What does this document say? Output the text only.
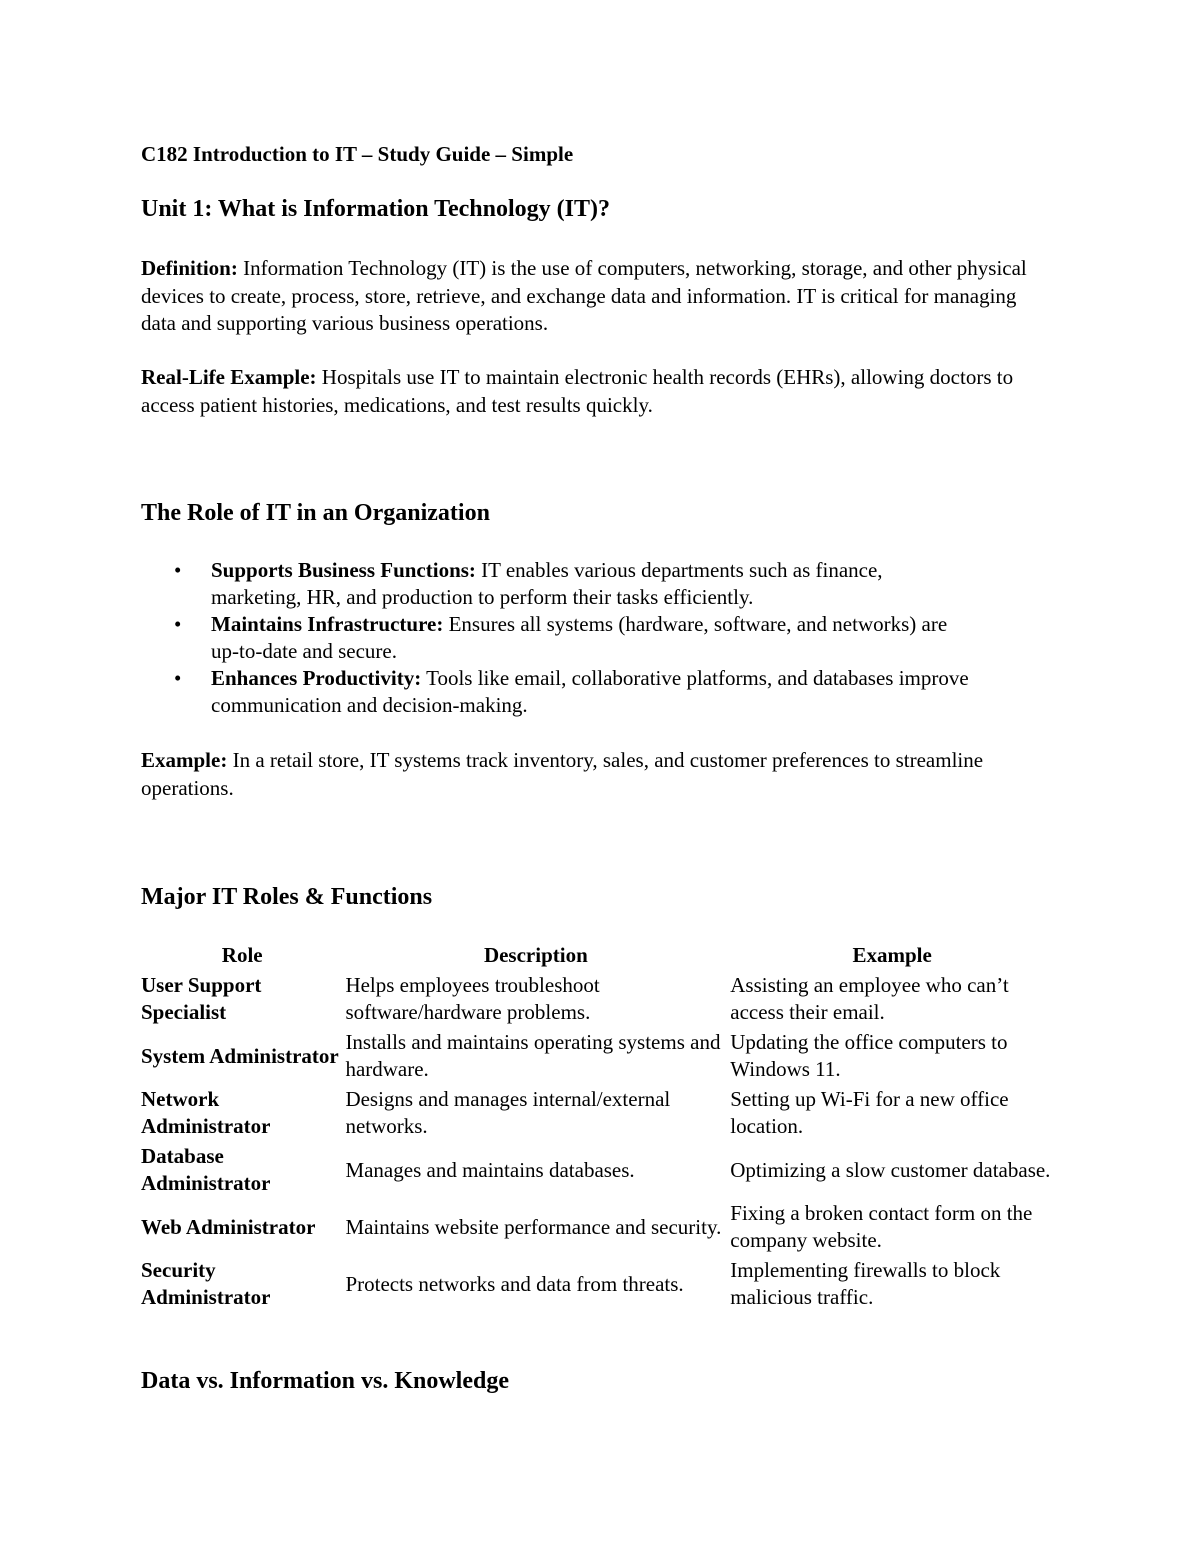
C182 Introduction to IT – Study Guide – Simple

Unit 1: What is Information Technology (IT)?

Definition: Information Technology (IT) is the use of computers, networking, storage, and other physical devices to create, process, store, retrieve, and exchange data and information. IT is critical for managing data and supporting various business operations.

Real-Life Example: Hospitals use IT to maintain electronic health records (EHRs), allowing doctors to access patient histories, medications, and test results quickly.

The Role of IT in an Organization
• Supports Business Functions: IT enables various departments such as finance, marketing, HR, and production to perform their tasks efficiently.
• Maintains Infrastructure: Ensures all systems (hardware, software, and networks) are up-to-date and secure.
• Enhances Productivity: Tools like email, collaborative platforms, and databases improve communication and decision-making.

Example: In a retail store, IT systems track inventory, sales, and customer preferences to streamline operations.

Major IT Roles & Functions
Role	Description	Example
User Support Specialist	Helps employees troubleshoot software/hardware problems.	Assisting an employee who can’t access their email.
System Administrator	Installs and maintains operating systems and hardware.	Updating the office computers to Windows 11.
Network Administrator	Designs and manages internal/external networks.	Setting up Wi-Fi for a new office location.
Database Administrator	Manages and maintains databases.	Optimizing a slow customer database.
Web Administrator	Maintains website performance and security.	Fixing a broken contact form on the company website.
Security Administrator	Protects networks and data from threats.	Implementing firewalls to block malicious traffic.
Data vs. Information vs. Knowledge
